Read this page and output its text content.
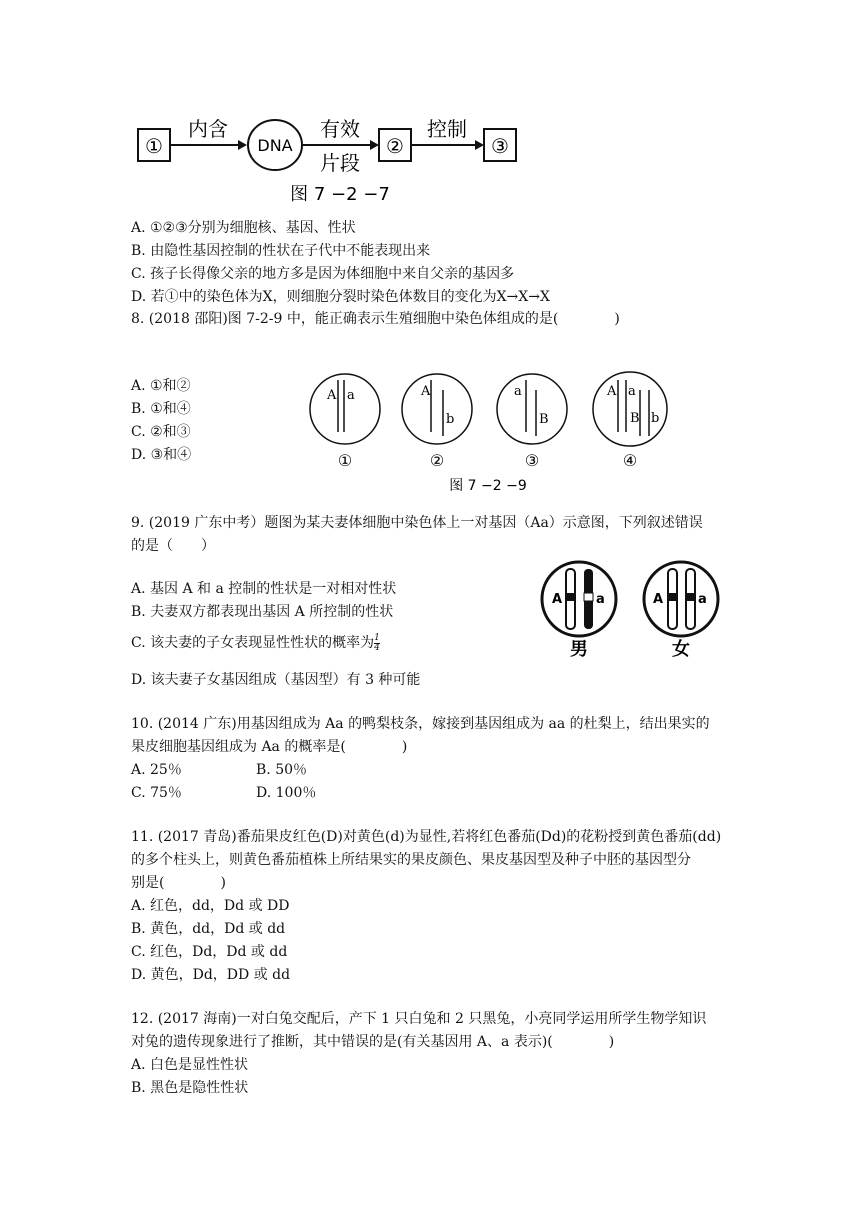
①
内含
DNA
有效
片段
②
控制
③
图 7 −2 −7
A. ①②③分别为细胞核、基因、性状
B. 由隐性基因控制的性状在子代中不能表现出来
C. 孩子长得像父亲的地方多是因为体细胞中来自父亲的基因多
D. 若①中的染色体为X，则细胞分裂时染色体数目的变化为X→X→X
8. (2018 邵阳)图 7-2-9 中，能正确表示生殖细胞中染色体组成的是(　　　　)
A. ①和②
B. ①和④
C. ②和③
D. ③和④
A a
①
A
b
②
a
B
③
A a
B b
④
图 7 −2 −9
9. (2019 广东中考）题图为某夫妻体细胞中染色体上一对基因（Aa）示意图，下列叙述错误
的是（　　）
A. 基因 A 和 a 控制的性状是一对相对性状
B. 夫妻双方都表现出基因 A 所控制的性状
C. 该夫妻的子女表现显性性状的概率为 $\frac{1}{4}$
D. 该夫妻子女基因组成（基因型）有 3 种可能
A	a
男
A	a
女
10. (2014 广东)用基因组成为 Aa 的鸭梨枝条，嫁接到基因组成为 aa 的杜梨上，结出果实的
果皮细胞基因组成为 Aa 的概率是(　　　　)
A. 25％	B. 50％
C. 75％	D. 100％
11. (2017 青岛)番茄果皮红色(D)对黄色(d)为显性,若将红色番茄(Dd)的花粉授到黄色番茄(dd)
的多个柱头上，则黄色番茄植株上所结果实的果皮颜色、果皮基因型及种子中胚的基因型分
别是(　　　　)
A. 红色，dd，Dd 或 DD
B. 黄色，dd，Dd 或 dd
C. 红色，Dd，Dd 或 dd
D. 黄色，Dd，DD 或 dd
12. (2017 海南)一对白兔交配后，产下 1 只白兔和 2 只黑兔，小亮同学运用所学生物学知识
对兔的遗传现象进行了推断，其中错误的是(有关基因用 A、a 表示)(　　　　)
A. 白色是显性性状
B. 黑色是隐性性状
